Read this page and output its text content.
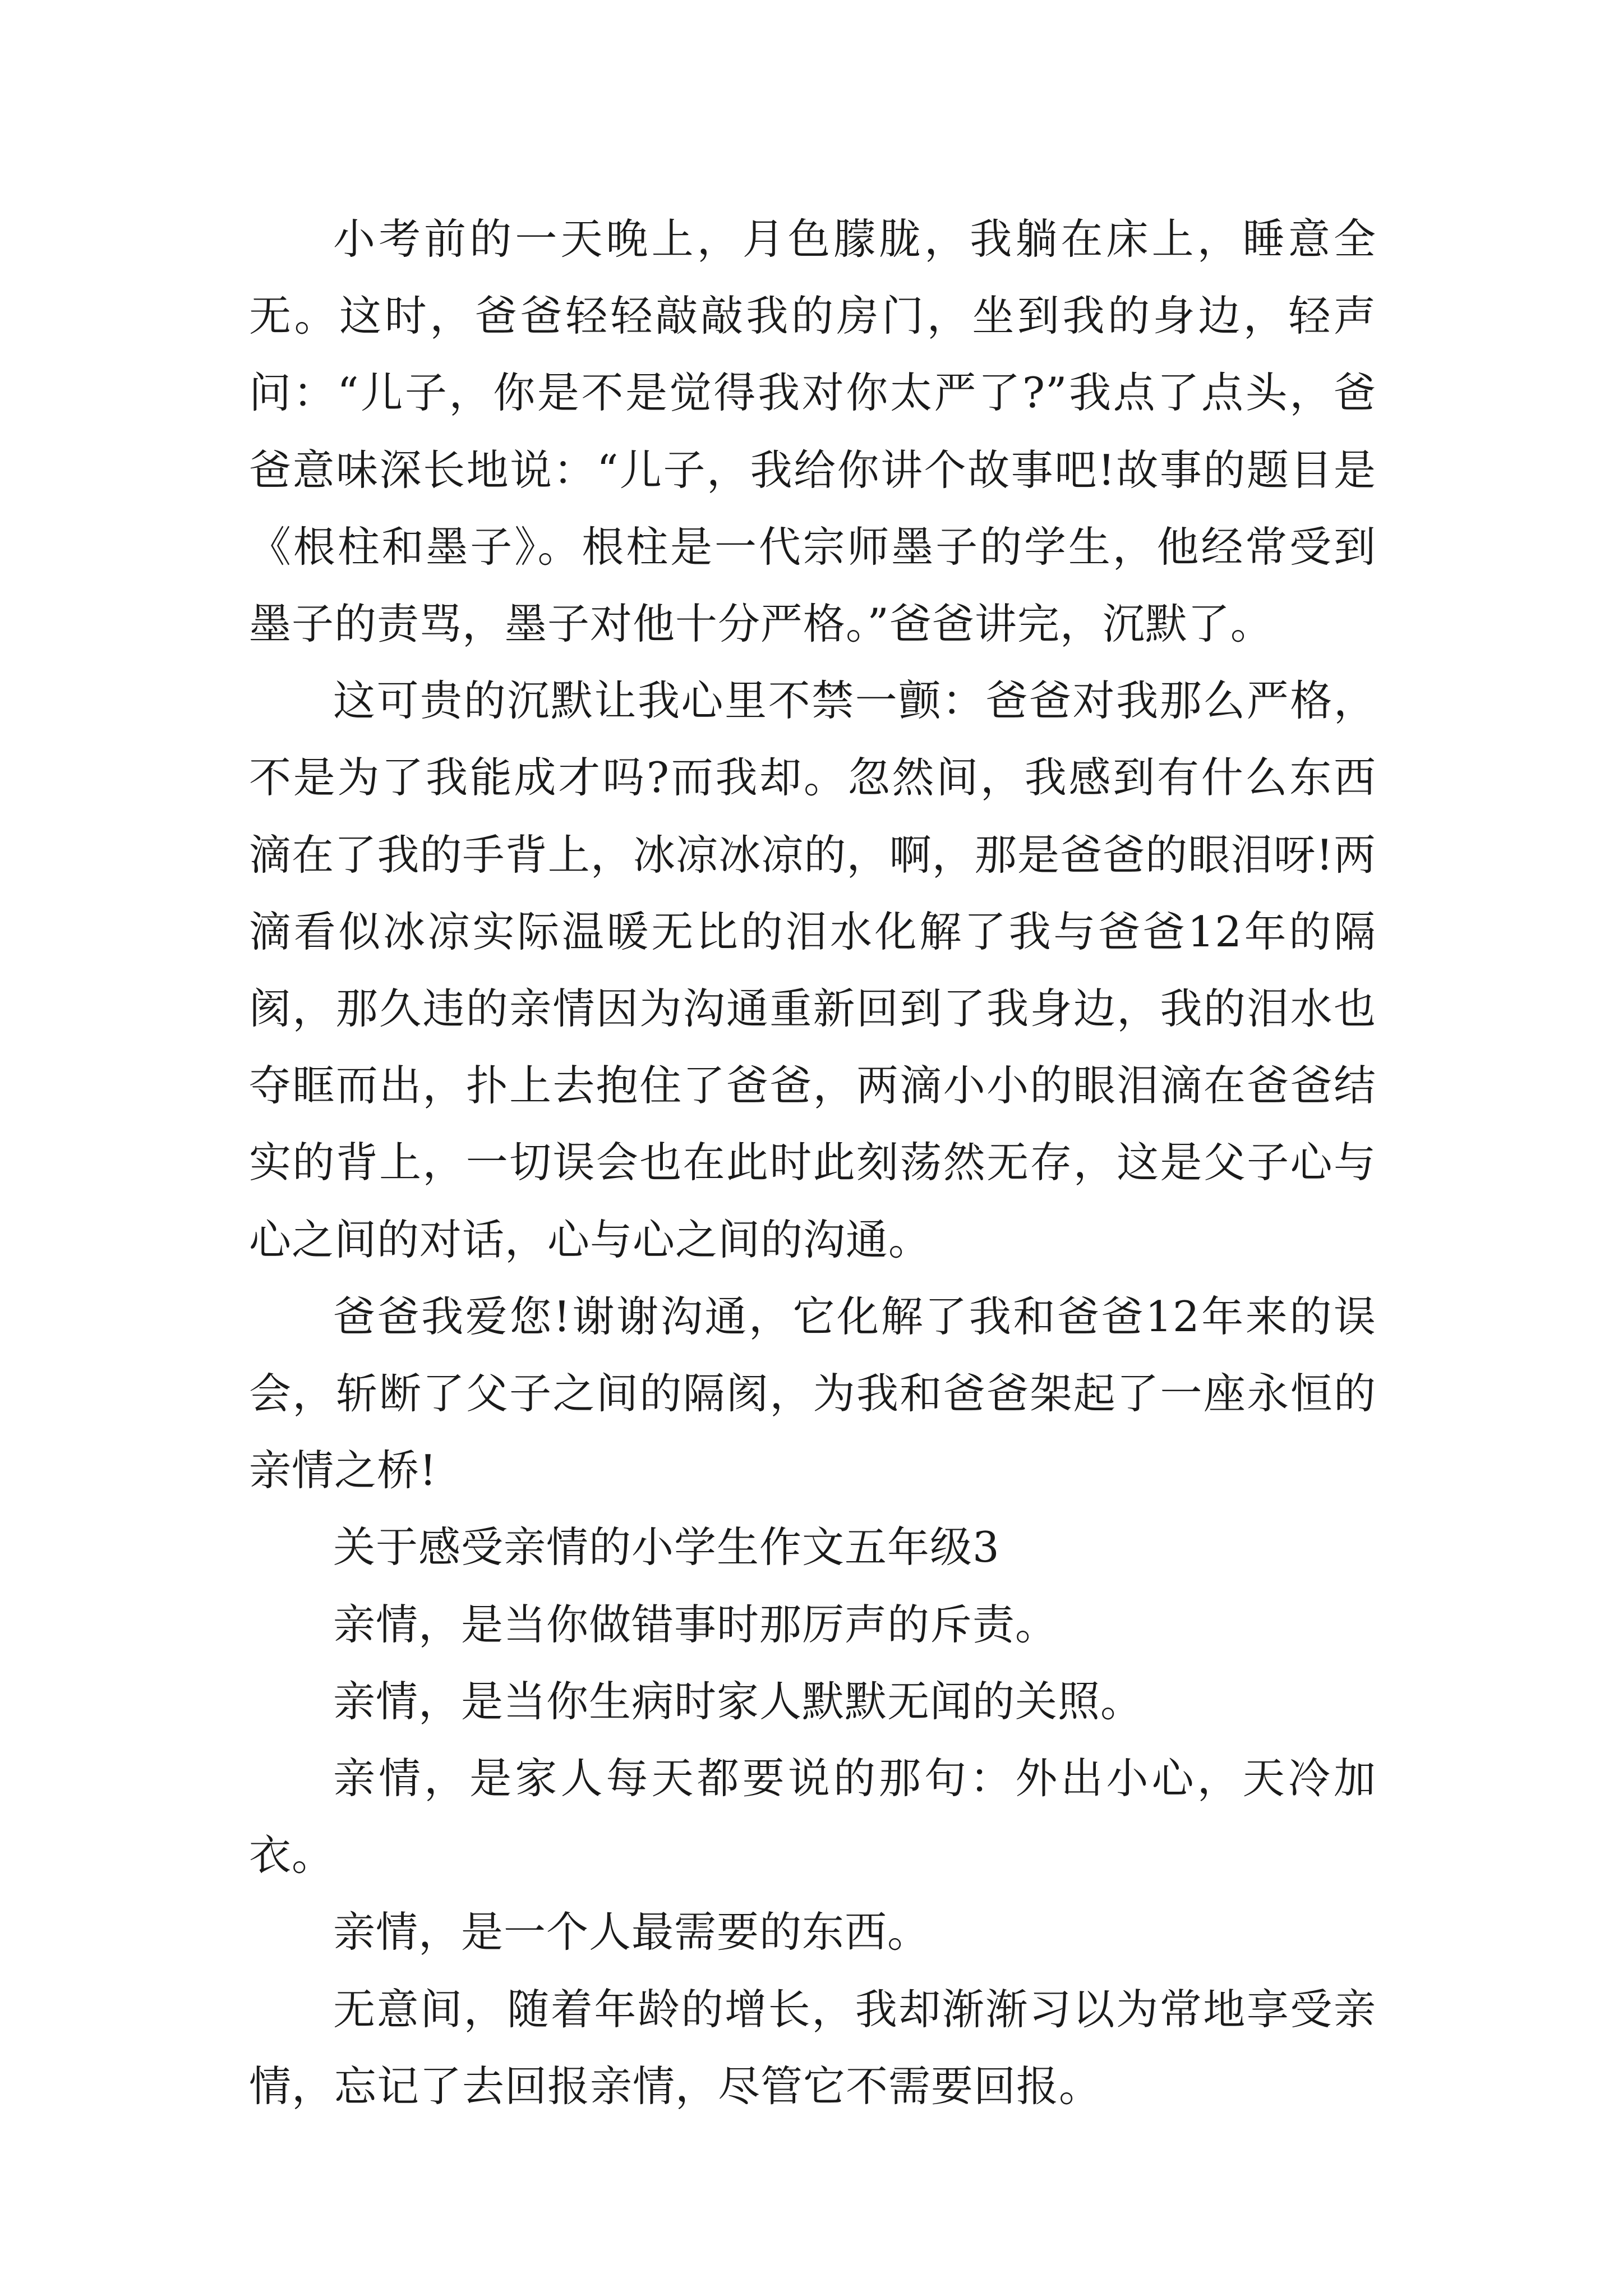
小考前的一天晚上，月色朦胧，我躺在床上，睡意全无。这时，爸爸轻轻敲敲我的房门，坐到我的身边，轻声问：“儿子，你是不是觉得我对你太严了?”我点了点头，爸爸意味深长地说：“儿子，我给你讲个故事吧!故事的题目是《根柱和墨子》。根柱是一代宗师墨子的学生，他经常受到墨子的责骂，墨子对他十分严格。”爸爸讲完，沉默了。

这可贵的沉默让我心里不禁一颤：爸爸对我那么严格，不是为了我能成才吗?而我却。忽然间，我感到有什么东西滴在了我的手背上，冰凉冰凉的，啊，那是爸爸的眼泪呀!两滴看似冰凉实际温暖无比的泪水化解了我与爸爸12年的隔阂，那久违的亲情因为沟通重新回到了我身边，我的泪水也夺眶而出，扑上去抱住了爸爸，两滴小小的眼泪滴在爸爸结实的背上，一切误会也在此时此刻荡然无存，这是父子心与心之间的对话，心与心之间的沟通。

爸爸我爱您!谢谢沟通，它化解了我和爸爸12年来的误会，斩断了父子之间的隔阂，为我和爸爸架起了一座永恒的亲情之桥!

关于感受亲情的小学生作文五年级3

亲情，是当你做错事时那厉声的斥责。

亲情，是当你生病时家人默默无闻的关照。

亲情，是家人每天都要说的那句：外出小心，天冷加衣。

亲情，是一个人最需要的东西。

无意间，随着年龄的增长，我却渐渐习以为常地享受亲情，忘记了去回报亲情，尽管它不需要回报。
